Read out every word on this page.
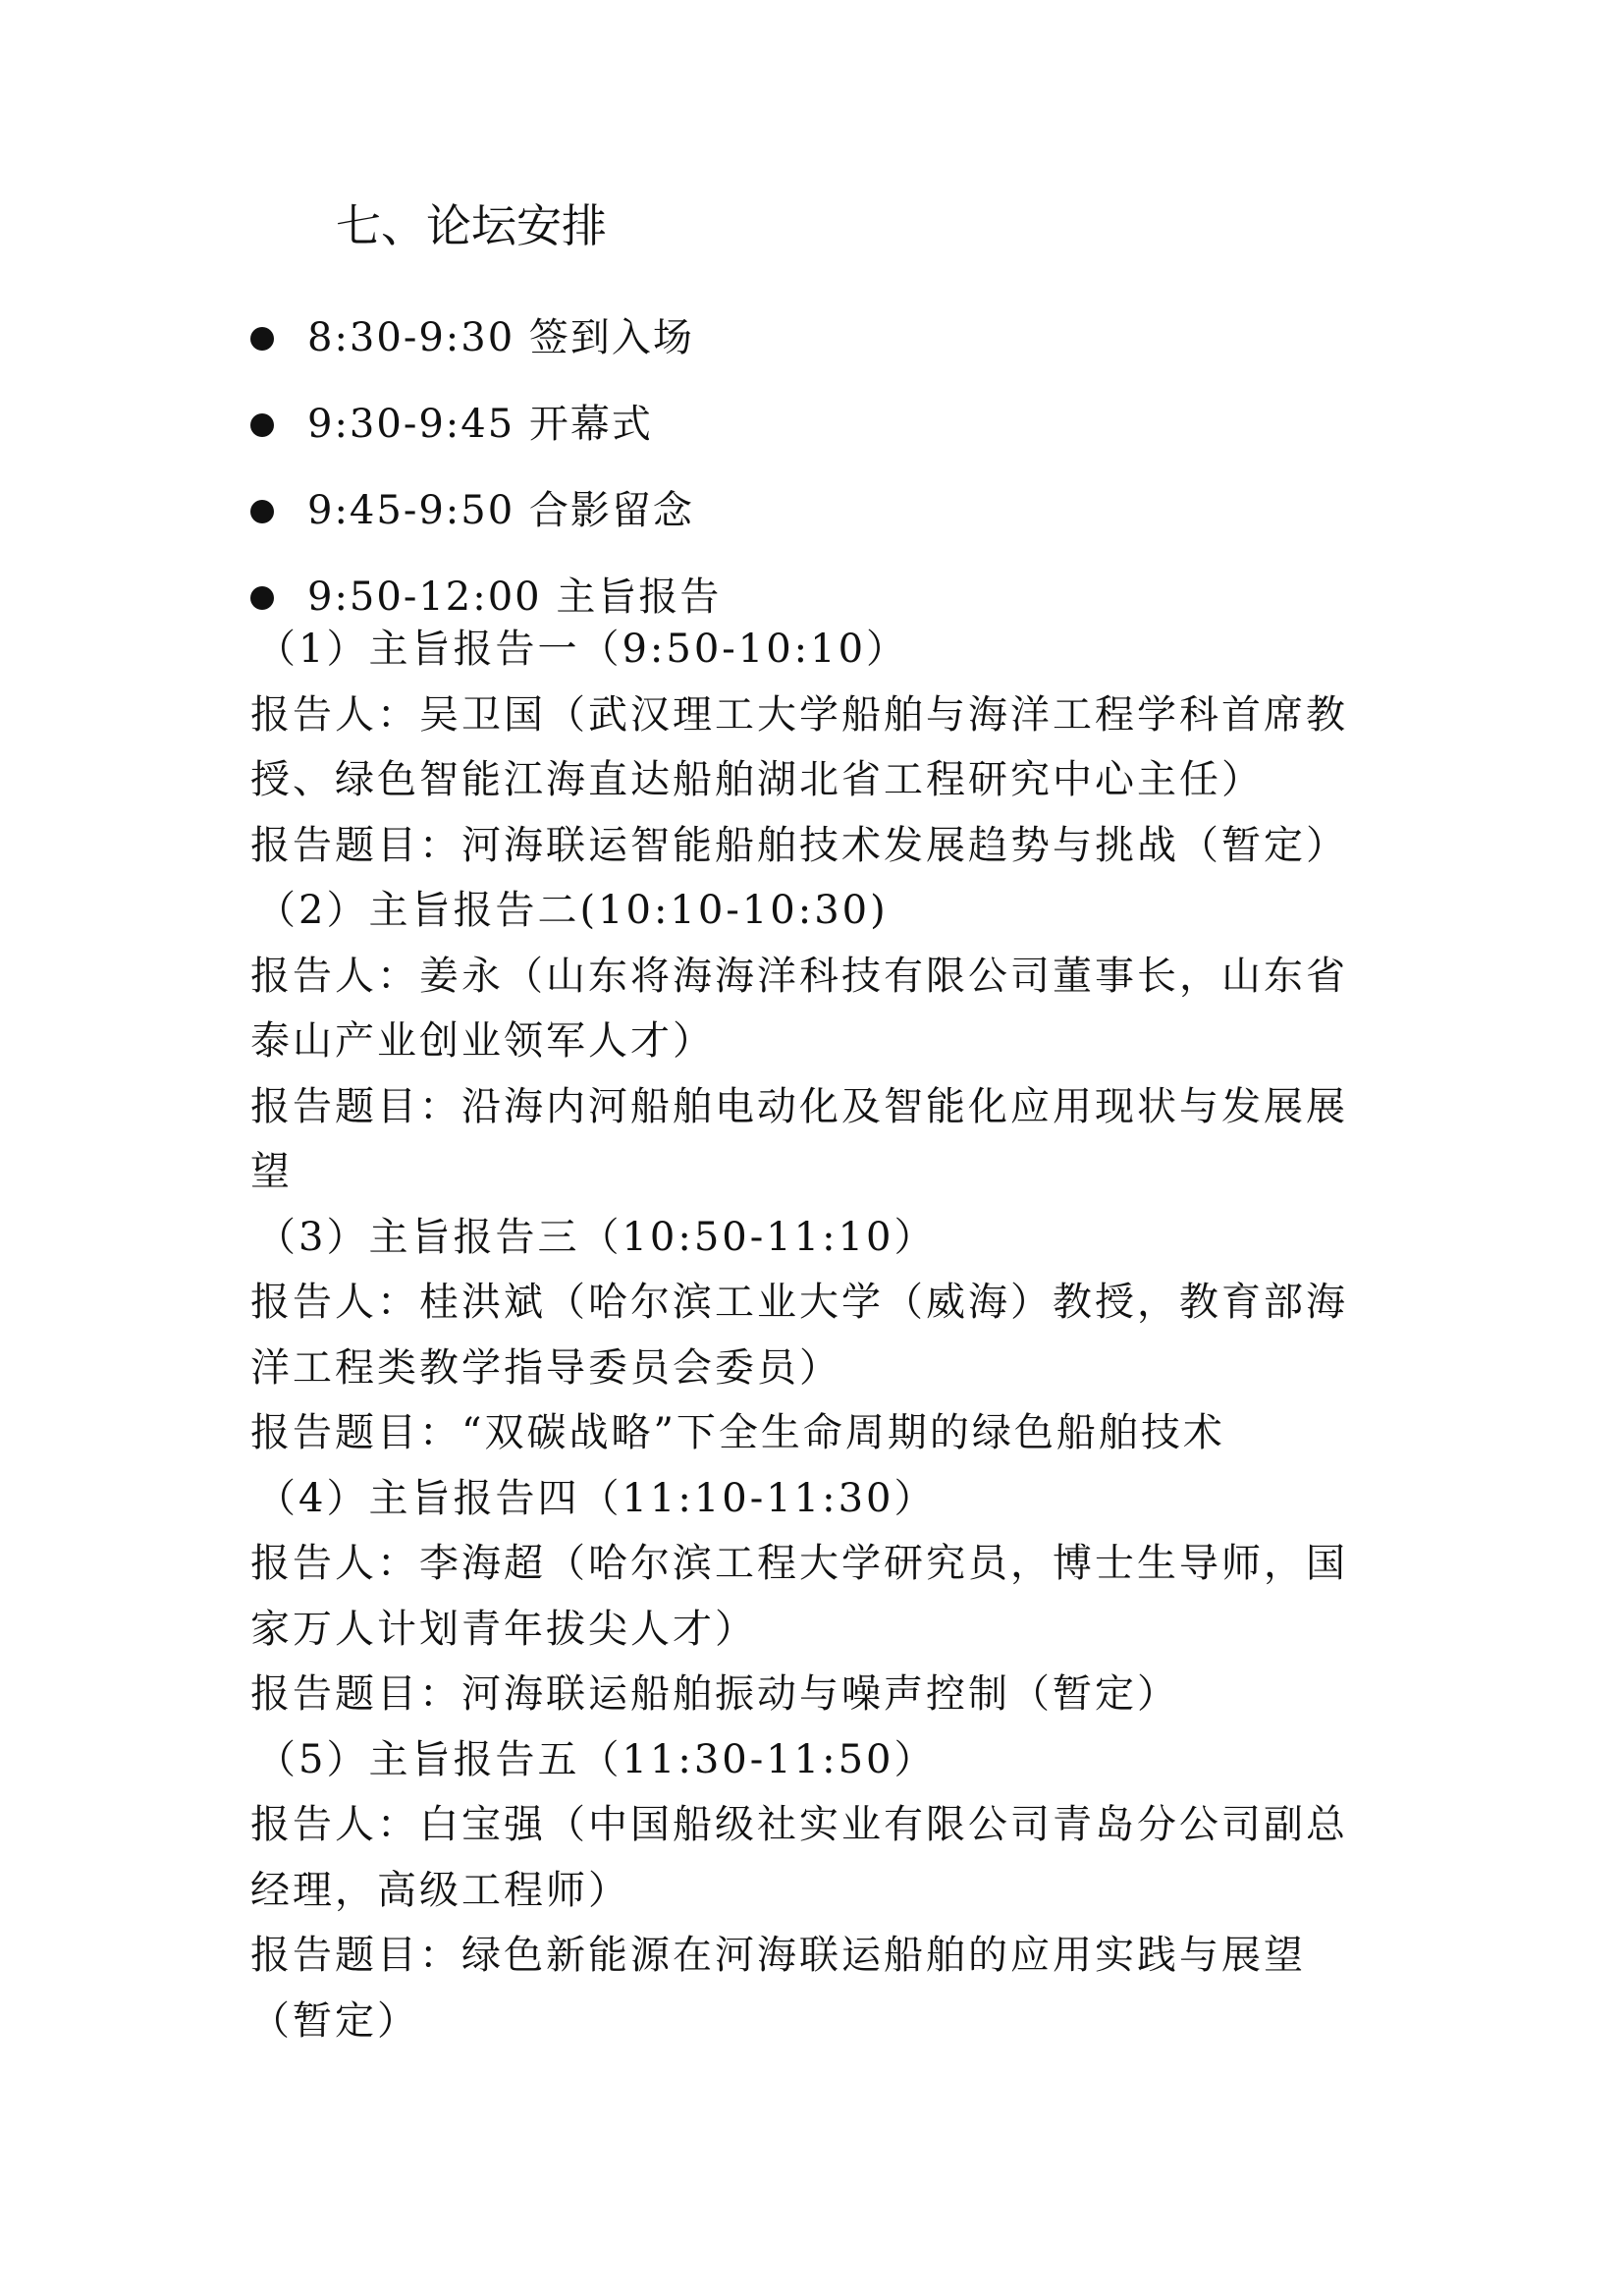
七、论坛安排
8:30-9:30 签到入场
9:30-9:45 开幕式
9:45-9:50 合影留念
9:50-12:00 主旨报告

（1）主旨报告一（9:50-10:10）

报告人：吴卫国（武汉理工大学船舶与海洋工程学科首席教授、绿色智能江海直达船舶湖北省工程研究中心主任）

报告题目：河海联运智能船舶技术发展趋势与挑战（暂定）

（2）主旨报告二(10:10-10:30)

报告人：姜永（山东将海海洋科技有限公司董事长，山东省泰山产业创业领军人才）

报告题目：沿海内河船舶电动化及智能化应用现状与发展展望

（3）主旨报告三（10:50-11:10）

报告人：桂洪斌（哈尔滨工业大学（威海）教授，教育部海洋工程类教学指导委员会委员）

报告题目：“双碳战略”下全生命周期的绿色船舶技术

（4）主旨报告四（11:10-11:30）

报告人：李海超（哈尔滨工程大学研究员，博士生导师，国家万人计划青年拔尖人才）

报告题目：河海联运船舶振动与噪声控制（暂定）

（5）主旨报告五（11:30-11:50）

报告人：白宝强（中国船级社实业有限公司青岛分公司副总经理，高级工程师）

报告题目：绿色新能源在河海联运船舶的应用实践与展望（暂定）
